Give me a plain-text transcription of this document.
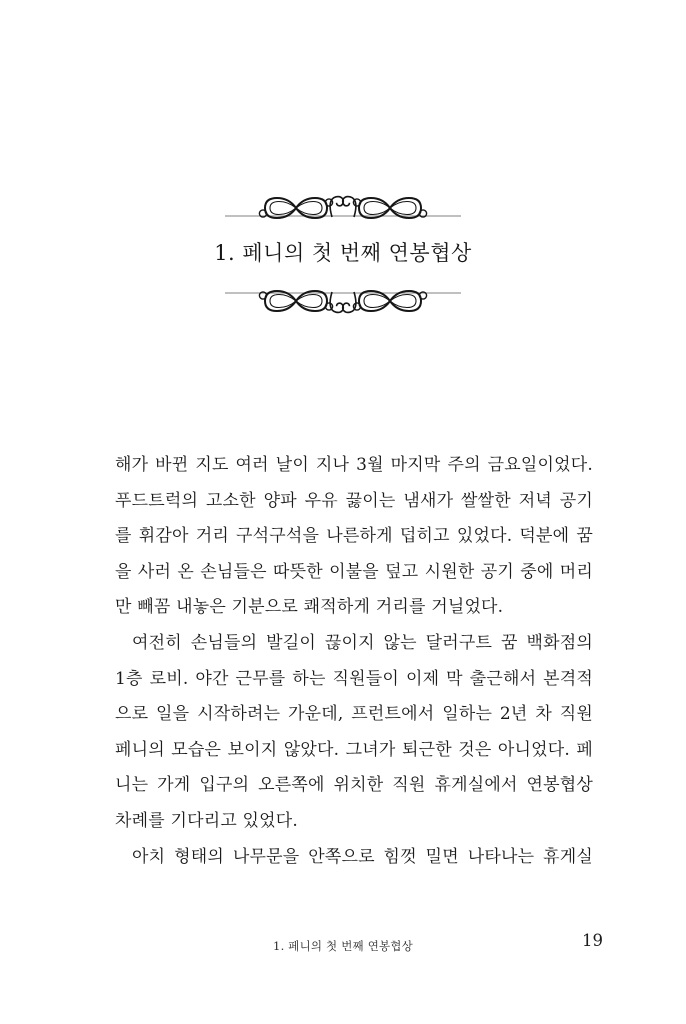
1. 페니의 첫 번째 연봉협상
해가 바뀐 지도 여러 날이 지나 3월 마지막 주의 금요일이었다.
푸드트럭의 고소한 양파 우유 끓이는 냄새가 쌀쌀한 저녁 공기
를 휘감아 거리 구석구석을 나른하게 덥히고 있었다. 덕분에 꿈
을 사러 온 손님들은 따뜻한 이불을 덮고 시원한 공기 중에 머리
만 빼꼼 내놓은 기분으로 쾌적하게 거리를 거닐었다.
여전히 손님들의 발길이 끊이지 않는 달러구트 꿈 백화점의
1층 로비. 야간 근무를 하는 직원들이 이제 막 출근해서 본격적
으로 일을 시작하려는 가운데, 프런트에서 일하는 2년 차 직원
페니의 모습은 보이지 않았다. 그녀가 퇴근한 것은 아니었다. 페
니는 가게 입구의 오른쪽에 위치한 직원 휴게실에서 연봉협상
차례를 기다리고 있었다.
아치 형태의 나무문을 안쪽으로 힘껏 밀면 나타나는 휴게실
1. 페니의 첫 번째 연봉협상	19
